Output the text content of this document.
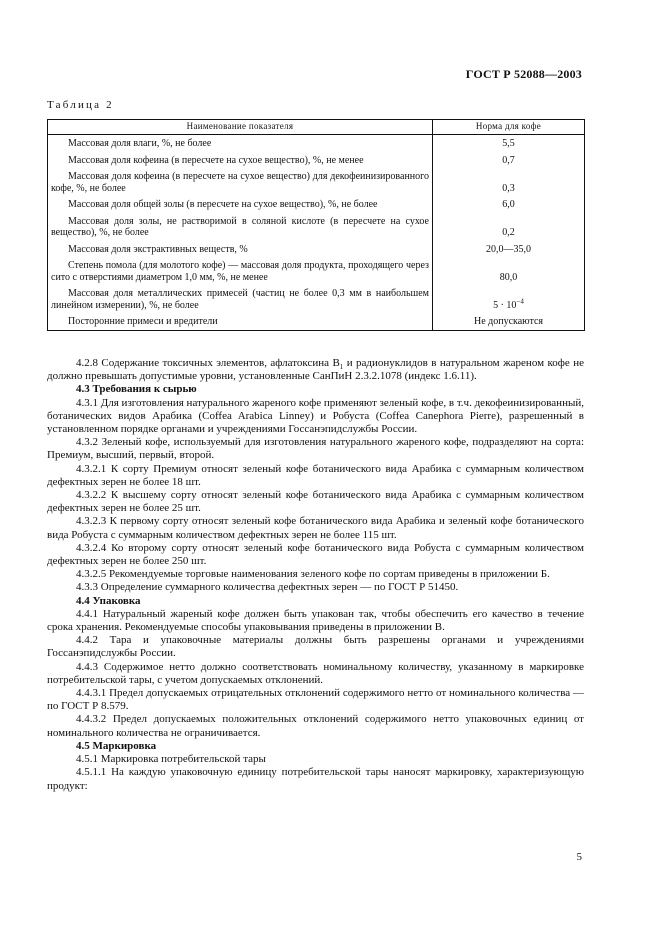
ГОСТ Р 52088—2003
Таблица 2
Наименование показателя	Норма для кофе
Массовая доля влаги, %, не более	5,5
Массовая доля кофеина (в пересчете на сухое вещество), %, не менее	0,7
Массовая доля кофеина (в пересчете на сухое вещество) для декофеинизированного кофе, %, не более	0,3
Массовая доля общей золы (в пересчете на сухое вещество), %, не более	6,0
Массовая доля золы, не растворимой в соляной кислоте (в пересчете на сухое вещество), %, не более	0,2
Массовая доля экстрактивных веществ, %	20,0—35,0
Степень помола (для молотого кофе) — массовая доля продукта, проходящего через сито с отверстиями диаметром 1,0 мм, %, не менее	80,0
Массовая доля металлических примесей (частиц не более 0,3 мм в наибольшем линейном измерении), %, не более	$5 \cdot 10^{-4}$
Посторонние примеси и вредители	Не допускаются

4.2.8 Содержание токсичных элементов, афлатоксина $B_1$ и радионуклидов в натуральном жареном кофе не должно превышать допустимые уровни, установленные СанПиН 2.3.2.1078 (индекс 1.6.11).

4.3 Требования к сырью

4.3.1 Для изготовления натурального жареного кофе применяют зеленый кофе, в т.ч. декофеинизированный, ботанических видов Арабика (Coffea Arabica Linney) и Робуста (Coffea Canephora Pierre), разрешенный в установленном порядке органами и учреждениями Госсанэпидслужбы России.

4.3.2 Зеленый кофе, используемый для изготовления натурального жареного кофе, подразделяют на сорта: Премиум, высший, первый, второй.

4.3.2.1 К сорту Премиум относят зеленый кофе ботанического вида Арабика с суммарным количеством дефектных зерен не более 18 шт.

4.3.2.2 К высшему сорту относят зеленый кофе ботанического вида Арабика с суммарным количеством дефектных зерен не более 25 шт.

4.3.2.3 К первому сорту относят зеленый кофе ботанического вида Арабика и зеленый кофе ботанического вида Робуста с суммарным количеством дефектных зерен не более 115 шт.

4.3.2.4 Ко второму сорту относят зеленый кофе ботанического вида Робуста с суммарным количеством дефектных зерен не более 250 шт.

4.3.2.5 Рекомендуемые торговые наименования зеленого кофе по сортам приведены в приложении Б.

4.3.3 Определение суммарного количества дефектных зерен — по ГОСТ Р 51450.

4.4 Упаковка

4.4.1 Натуральный жареный кофе должен быть упакован так, чтобы обеспечить его качество в течение срока хранения. Рекомендуемые способы упаковывания приведены в приложении В.

4.4.2 Тара и упаковочные материалы должны быть разрешены органами и учреждениями Госсанэпидслужбы России.

4.4.3 Содержимое нетто должно соответствовать номинальному количеству, указанному в маркировке потребительской тары, с учетом допускаемых отклонений.

4.4.3.1 Предел допускаемых отрицательных отклонений содержимого нетто от номинального количества — по ГОСТ Р 8.579.

4.4.3.2 Предел допускаемых положительных отклонений содержимого нетто упаковочных единиц от номинального количества не ограничивается.

4.5 Маркировка

4.5.1 Маркировка потребительской тары

4.5.1.1 На каждую упаковочную единицу потребительской тары наносят маркировку, характеризующую продукт:

5
